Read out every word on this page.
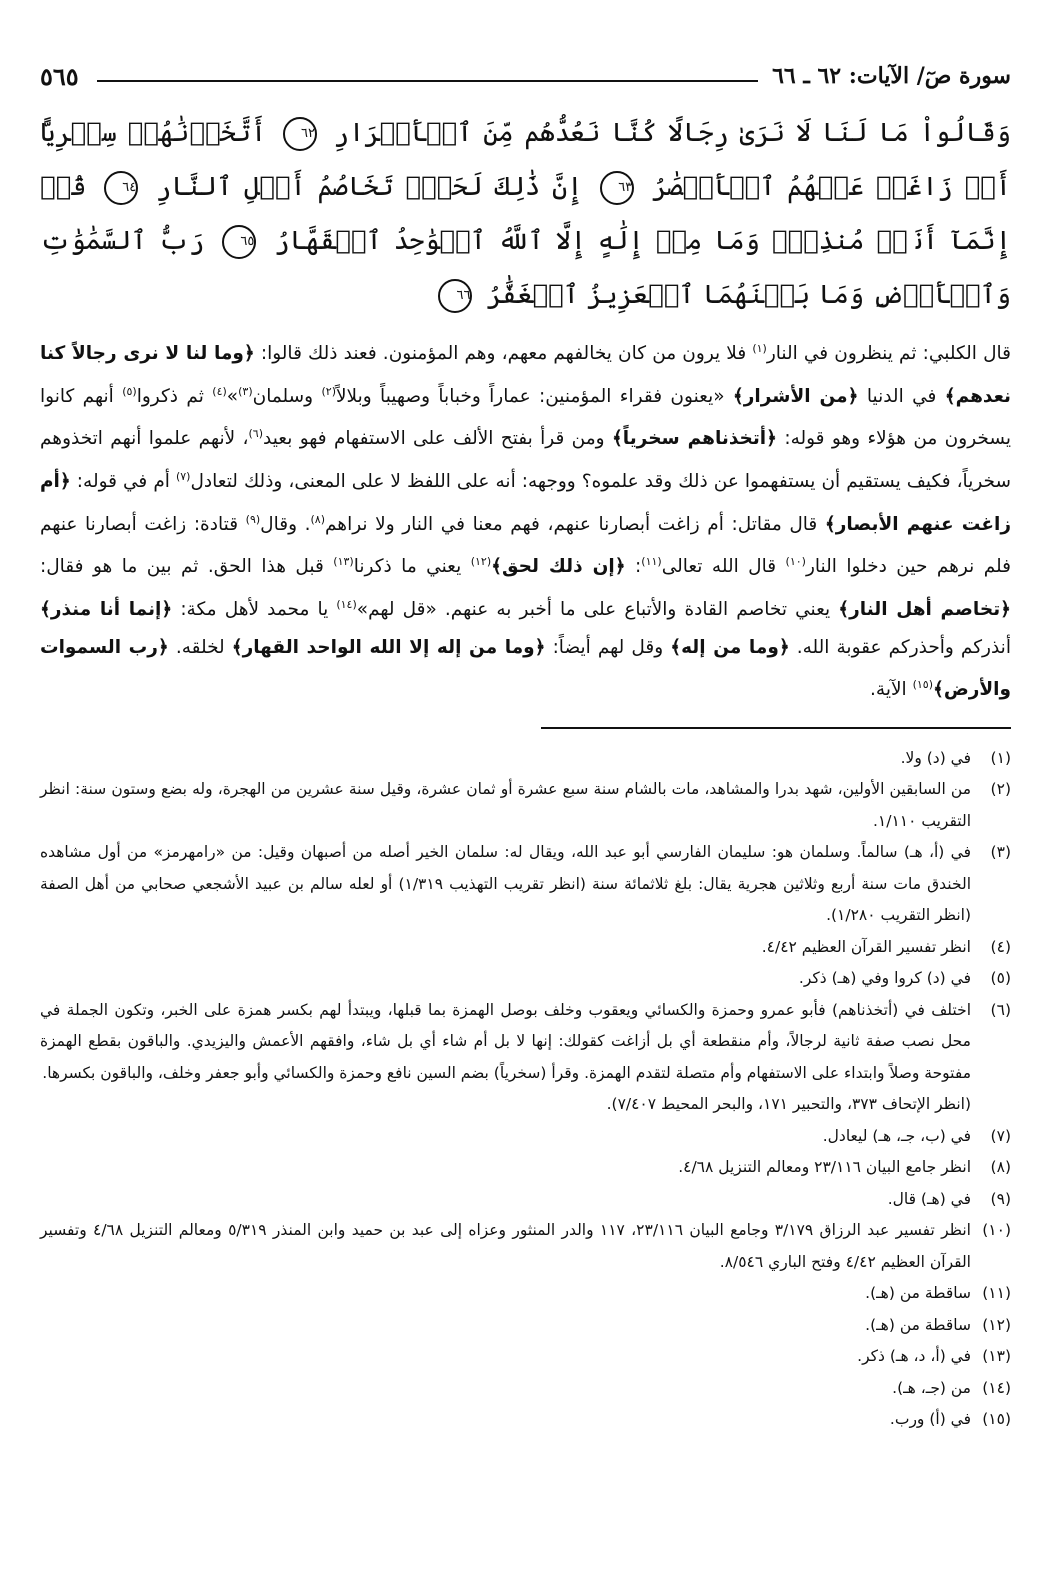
سورة صٓ/ الآيات: ٦٢ ـ ٦٦
٥٦٥
وَقَالُواْ مَا لَنَا لَا نَرَىٰ رِجَالًا كُنَّا نَعُدُّهُم مِّنَ ٱلۡأَشۡرَارِ ٦٢ أَتَّخَذۡنَٰهُمۡ سِخۡرِيًّا أَمۡ زَاغَتۡ عَنۡهُمُ ٱلۡأَبۡصَٰرُ ٦٣ إِنَّ ذَٰلِكَ لَحَقّٞ تَخَاصُمُ أَهۡلِ ٱلنَّارِ ٦٤ قُلۡ إِنَّمَآ أَنَا۠ مُنذِرٞۖ وَمَا مِنۡ إِلَٰهٍ إِلَّا ٱللَّهُ ٱلۡوَٰحِدُ ٱلۡقَهَّارُ ٦٥ رَبُّ ٱلسَّمَٰوَٰتِ وَٱلۡأَرۡضِ وَمَا بَيۡنَهُمَا ٱلۡعَزِيزُ ٱلۡغَفَّٰرُ ٦٦
قال الكلبي: ثم ينظرون في النار$^{(١)}$ فلا يرون من كان يخالفهم معهم، وهم المؤمنون. فعند ذلك قالوا: ﴿وما لنا لا نرى رجالاً كنا نعدهم﴾ في الدنيا ﴿من الأشرار﴾ «يعنون فقراء المؤمنين: عماراً وخباباً وصهيباً وبلالاً$^{(٢)}$ وسلمان$^{(٣)}$»$^{(٤)}$ ثم ذكروا$^{(٥)}$ أنهم كانوا يسخرون من هؤلاء وهو قوله: ﴿أتخذناهم سخرياً﴾ ومن قرأ بفتح الألف على الاستفهام فهو بعيد$^{(٦)}$، لأنهم علموا أنهم اتخذوهم سخرياً، فكيف يستقيم أن يستفهموا عن ذلك وقد علموه؟ ووجهه: أنه على اللفظ لا على المعنى، وذلك لتعادل$^{(٧)}$ أم في قوله: ﴿أم زاغت عنهم الأبصار﴾ قال مقاتل: أم زاغت أبصارنا عنهم، فهم معنا في النار ولا نراهم$^{(٨)}$. وقال$^{(٩)}$ قتادة: زاغت أبصارنا عنهم فلم نرهم حين دخلوا النار$^{(١٠)}$ قال الله تعالى$^{(١١)}$: ﴿إن ذلك لحق﴾$^{(١٢)}$ يعني ما ذكرنا$^{(١٣)}$ قبل هذا الحق. ثم بين ما هو فقال: ﴿تخاصم أهل النار﴾ يعني تخاصم القادة والأتباع على ما أخبر به عنهم. «قل لهم»$^{(١٤)}$ يا محمد لأهل مكة: ﴿إنما أنا منذر﴾ أنذركم وأحذركم عقوبة الله. ﴿وما من إله﴾ وقل لهم أيضاً: ﴿وما من إله إلا الله الواحد القهار﴾ لخلقه. ﴿رب السموات والأرض﴾$^{(١٥)}$ الآية.
(١)
في (د) ولا.
(٢)
من السابقين الأولين، شهد بدرا والمشاهد، مات بالشام سنة سبع عشرة أو ثمان عشرة، وقيل سنة عشرين من الهجرة، وله بضع وستون سنة: انظر التقريب ١/١١٠.
(٣)
في (أ، هـ) سالماً. وسلمان هو: سليمان الفارسي أبو عبد الله، ويقال له: سلمان الخير أصله من أصبهان وقيل: من «رامهرمز» من أول مشاهده الخندق مات سنة أربع وثلاثين هجرية يقال: بلغ ثلاثمائة سنة (انظر تقريب التهذيب ١/٣١٩) أو لعله سالم بن عبيد الأشجعي صحابي من أهل الصفة (انظر التقريب ١/٢٨٠).
(٤)
انظر تفسير القرآن العظيم ٤/٤٢.
(٥)
في (د) كروا وفي (هـ) ذكر.
(٦)
اختلف في (أتخذناهم) فأبو عمرو وحمزة والكسائي ويعقوب وخلف بوصل الهمزة بما قبلها، ويبتدأ لهم بكسر همزة على الخبر، وتكون الجملة في محل نصب صفة ثانية لرجالاً، وأم منقطعة أي بل أزاغت كقولك: إنها لا بل أم شاء أي بل شاء، وافقهم الأعمش واليزيدي. والباقون بقطع الهمزة مفتوحة وصلاً وابتداء على الاستفهام وأم متصلة لتقدم الهمزة. وقرأ (سخرياً) بضم السين نافع وحمزة والكسائي وأبو جعفر وخلف، والباقون بكسرها.
(انظر الإتحاف ٣٧٣، والتحبير ١٧١، والبحر المحيط ٧/٤٠٧).
(٧)
في (ب، جـ، هـ) ليعادل.
(٨)
انظر جامع البيان ٢٣/١١٦ ومعالم التنزيل ٤/٦٨.
(٩)
في (هـ) قال.
(١٠)
انظر تفسير عبد الرزاق ٣/١٧٩ وجامع البيان ٢٣/١١٦، ١١٧ والدر المنثور وعزاه إلى عبد بن حميد وابن المنذر ٥/٣١٩ ومعالم التنزيل ٤/٦٨ وتفسير القرآن العظيم ٤/٤٢ وفتح الباري ٨/٥٤٦.
(١١)
ساقطة من (هـ).
(١٢)
ساقطة من (هـ).
(١٣)
في (أ، د، هـ) ذكر.
(١٤)
من (جـ، هـ).
(١٥)
في (أ) ورب.
